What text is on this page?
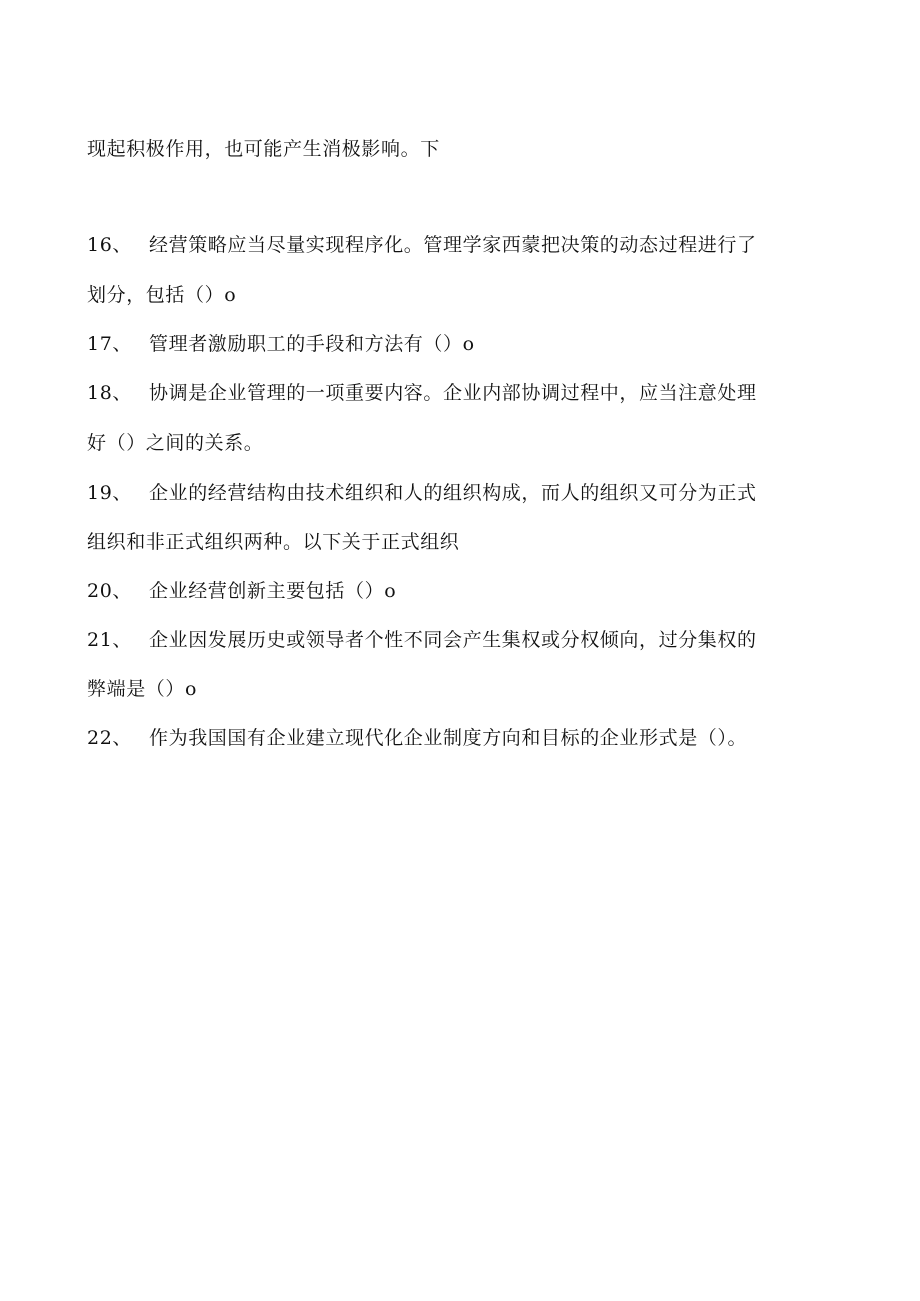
现起积极作用，也可能产生消极影响。下
16、 经营策略应当尽量实现程序化。管理学家西蒙把决策的动态过程进行了
划分，包括（）o
17、 管理者激励职工的手段和方法有（）o
18、 协调是企业管理的一项重要内容。企业内部协调过程中，应当注意处理
好（）之间的关系。
19、 企业的经营结构由技术组织和人的组织构成，而人的组织又可分为正式
组织和非正式组织两种。以下关于正式组织
20、 企业经营创新主要包括（）o
21、 企业因发展历史或领导者个性不同会产生集权或分权倾向，过分集权的
弊端是（）o
22、 作为我国国有企业建立现代化企业制度方向和目标的企业形式是（）。
